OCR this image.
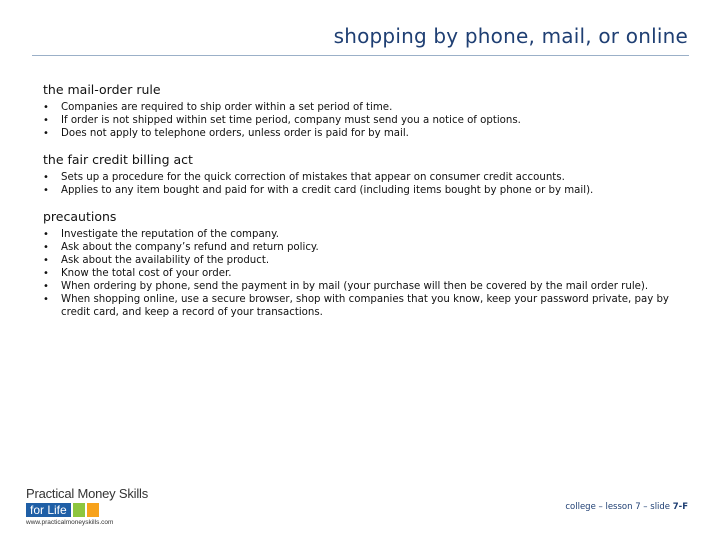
shopping by phone, mail, or online
the mail-order rule
• Companies are required to ship order within a set period of time.
• If order is not shipped within set time period, company must send you a notice of options.
• Does not apply to telephone orders, unless order is paid for by mail.
the fair credit billing act
• Sets up a procedure for the quick correction of mistakes that appear on consumer credit accounts.
• Applies to any item bought and paid for with a credit card (including items bought by phone or by mail).
precautions
• Investigate the reputation of the company.
• Ask about the company’s refund and return policy.
• Ask about the availability of the product.
• Know the total cost of your order.
• When ordering by phone, send the payment in by mail (your purchase will then be covered by the mail order rule).
• When shopping online, use a secure browser, shop with companies that you know, keep your password private, pay by credit card, and keep a record of your transactions.
Practical Money Skills
for Life
www.practicalmoneyskills.com
college – lesson 7 – slide 7-F
